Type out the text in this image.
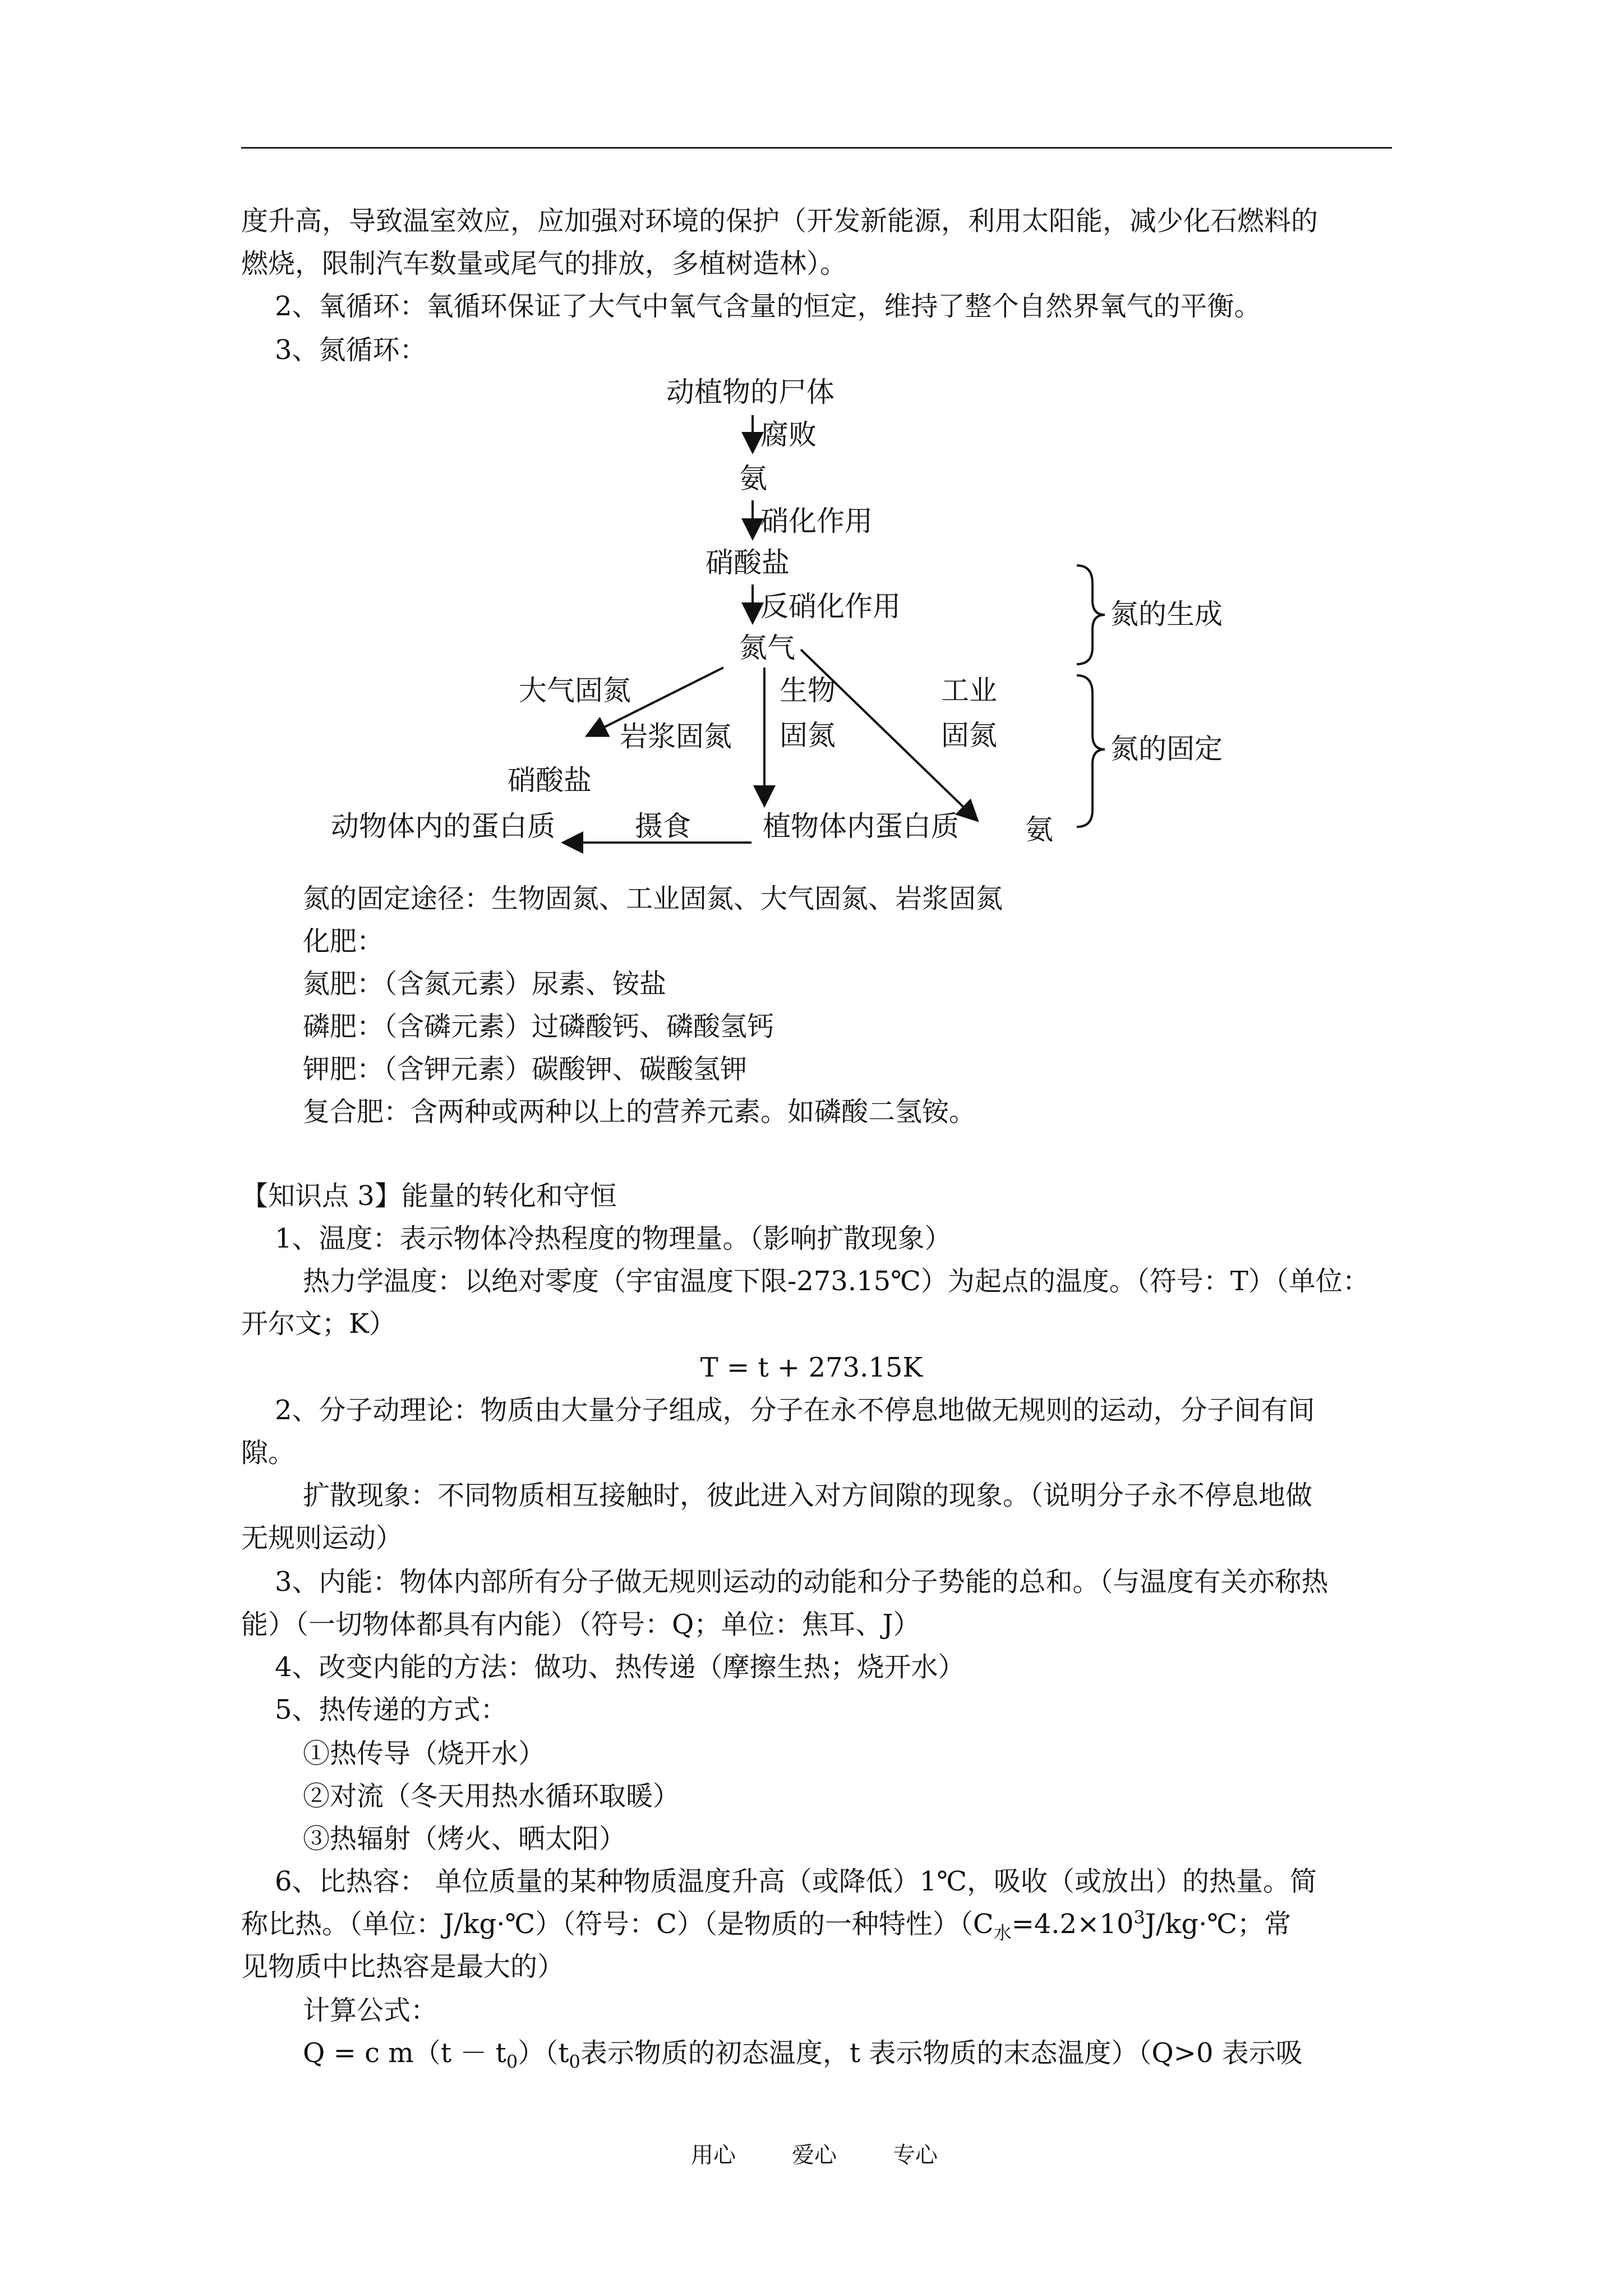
度升高，导致温室效应，应加强对环境的保护（开发新能源，利用太阳能，减少化石燃料的
燃烧，限制汽车数量或尾气的排放，多植树造林）。
2、氧循环：氧循环保证了大气中氧气含量的恒定，维持了整个自然界氧气的平衡。
3、氮循环：
动植物的尸体
腐败
氨
硝化作用
硝酸盐
反硝化作用
氮气
大气固氮
岩浆固氮
生物
固氮
工业
固氮
硝酸盐
动物体内的蛋白质	摄食	植物体内蛋白质 氨
氮的生成
氮的固定
氮的固定途径：生物固氮、工业固氮、大气固氮、岩浆固氮
化肥：
氮肥：（含氮元素）尿素、铵盐
磷肥：（含磷元素）过磷酸钙、磷酸氢钙
钾肥：（含钾元素）碳酸钾、碳酸氢钾
复合肥：含两种或两种以上的营养元素。如磷酸二氢铵。
【知识点 3】能量的转化和守恒
1、温度：表示物体冷热程度的物理量。（影响扩散现象）
热力学温度：以绝对零度（宇宙温度下限-273.15℃）为起点的温度。（符号：T）（单位：
开尔文；K）
T = t + 273.15K
2、分子动理论：物质由大量分子组成，分子在永不停息地做无规则的运动，分子间有间
隙。
扩散现象：不同物质相互接触时，彼此进入对方间隙的现象。（说明分子永不停息地做
无规则运动）
3、内能：物体内部所有分子做无规则运动的动能和分子势能的总和。（与温度有关亦称热
能）（一切物体都具有内能）（符号：Q；单位：焦耳、J）
4、改变内能的方法：做功、热传递（摩擦生热；烧开水）
5、热传递的方式：
①热传导（烧开水）
②对流（冬天用热水循环取暖）
③热辐射（烤火、晒太阳）
6、比热容： 单位质量的某种物质温度升高（或降低）1℃，吸收（或放出）的热量。简
称比热。（单位：J/kg·℃）（符号：C）（是物质的一种特性）（$C_水=4.2\times 10^3J/kg\cdot℃$；常
见物质中比热容是最大的）
计算公式：
Q = c $m(t - t_0)(t_0$表示物质的初态温度，t 表示物质的末态温度）（Q>0 表示吸
用心	爱心	专心
